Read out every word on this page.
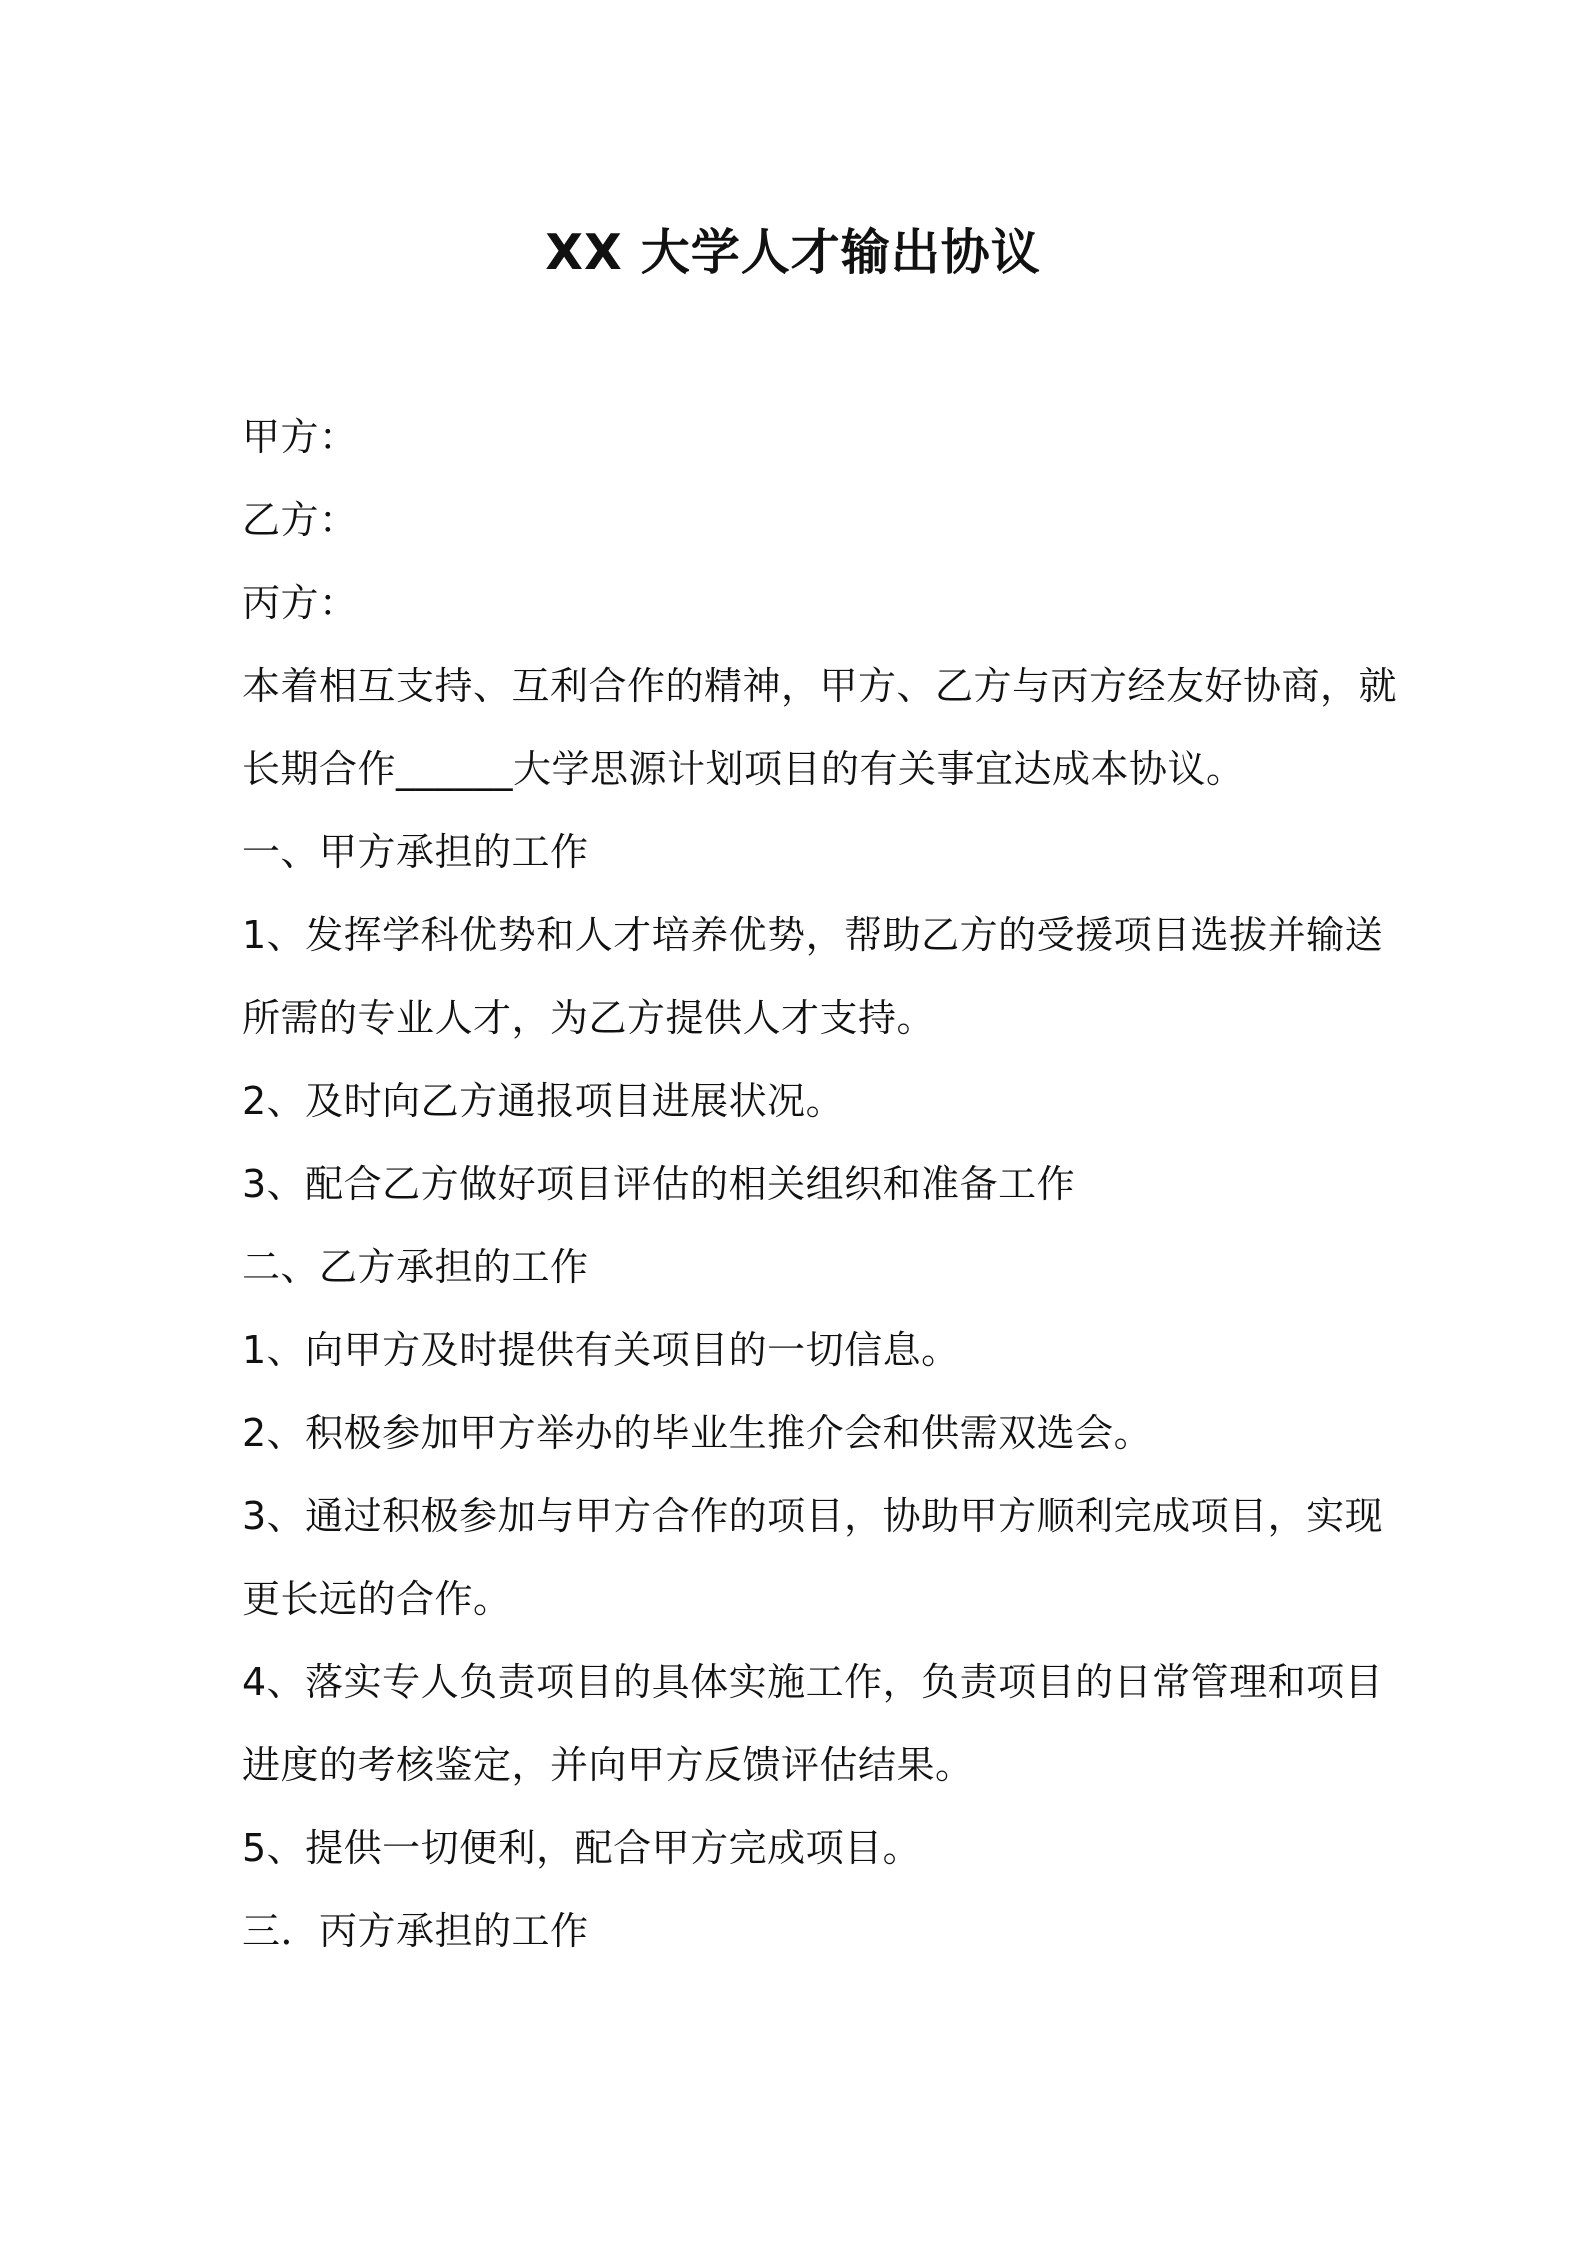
XX 大学人才输出协议
甲方：
乙方：
丙方：
本着相互支持、互利合作的精神，甲方、乙方与丙方经友好协商，就
长期合作______大学思源计划项目的有关事宜达成本协议。
一、甲方承担的工作
1、发挥学科优势和人才培养优势，帮助乙方的受援项目选拔并输送
所需的专业人才，为乙方提供人才支持。
2、及时向乙方通报项目进展状况。
3、配合乙方做好项目评估的相关组织和准备工作
二、乙方承担的工作
1、向甲方及时提供有关项目的一切信息。
2、积极参加甲方举办的毕业生推介会和供需双选会。
3、通过积极参加与甲方合作的项目，协助甲方顺利完成项目，实现
更长远的合作。
4、落实专人负责项目的具体实施工作，负责项目的日常管理和项目
进度的考核鉴定，并向甲方反馈评估结果。
5、提供一切便利，配合甲方完成项目。
三．丙方承担的工作
